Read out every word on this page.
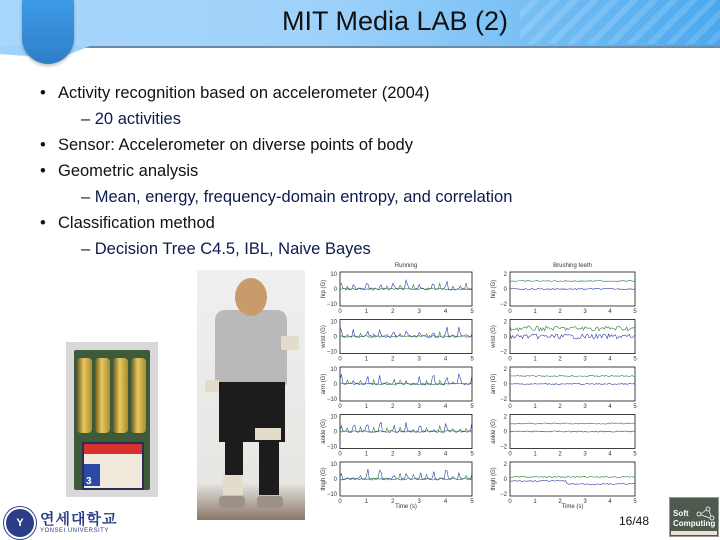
MIT Media LAB (2)
• Activity recognition based on accelerometer (2004)
– 20 activities
• Sensor: Accelerometer on diverse points of body
• Geometric analysis
– Mean, energy, frequency-domain entropy, and correlation
• Classification method
– Decision Tree C4.5, IBL, Naive Bayes
3
Running
10
0
−10
hip (G)
0	1	2	3	4	5
10
0
−10
wrist (G)
0	1	2	3	4	5
10
0
−10
arm (G)
0	1	2	3	4	5
10
0
−10
ankle (G)
0	1	2	3	4	5
10
0
−10
thigh (G)
0	1	2	3	4	5
Time (s)
Brushing teeth
2
0
−2
hip (G)
0	1	2	3	4	5
2
0
−2
wrist (G)
0	1	2	3	4	5
2
0
−2
arm (G)
0	1	2	3	4	5
2
0
−2
ankle (G)
0	1	2	3	4	5
2
0
−2
thigh (G)
0	1	2	3	4	5
Time (s)
16/48
Y	연세대학교
YONSEI UNIVERSITY
Soft
Computing
